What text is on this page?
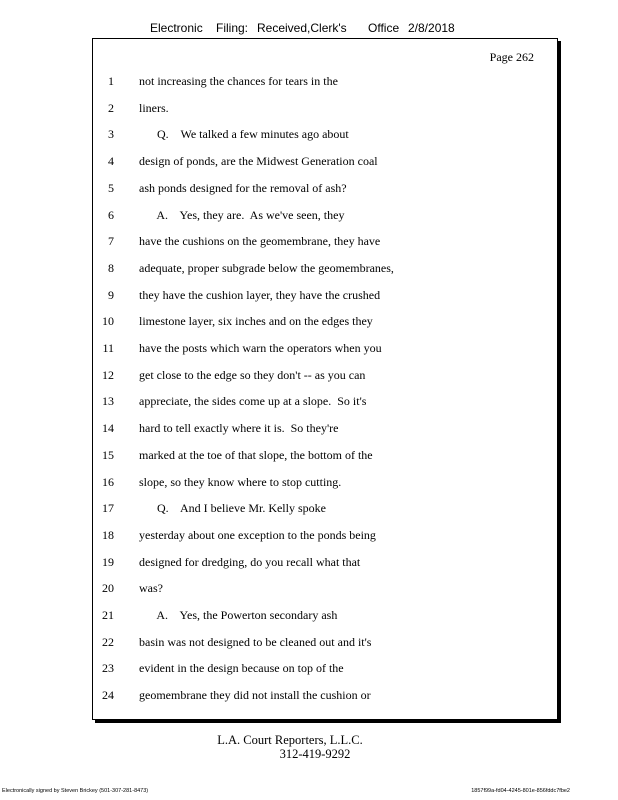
Electronic Filing: Received,Clerk's Office 2/8/2018
Page 262
1 not increasing the chances for tears in the
2 liners.
3 Q.    We talked a few minutes ago about
4 design of ponds, are the Midwest Generation coal
5 ash ponds designed for the removal of ash?
6 A.    Yes, they are.  As we've seen, they
7 have the cushions on the geomembrane, they have
8 adequate, proper subgrade below the geomembranes,
9 they have the cushion layer, they have the crushed
10 limestone layer, six inches and on the edges they
11 have the posts which warn the operators when you
12 get close to the edge so they don't -- as you can
13 appreciate, the sides come up at a slope.  So it's
14 hard to tell exactly where it is.  So they're
15 marked at the toe of that slope, the bottom of the
16 slope, so they know where to stop cutting.
17 Q.    And I believe Mr. Kelly spoke
18 yesterday about one exception to the ponds being
19 designed for dredging, do you recall what that
20 was?
21 A.    Yes, the Powerton secondary ash
22 basin was not designed to be cleaned out and it's
23 evident in the design because on top of the
24 geomembrane they did not install the cushion or
L.A. Court Reporters, L.L.C.
312-419-9292
Electronically signed by Steven Brickey (501-307-281-8473)	1857f99a-fd04-4245-801e-856fddc7fbe2
